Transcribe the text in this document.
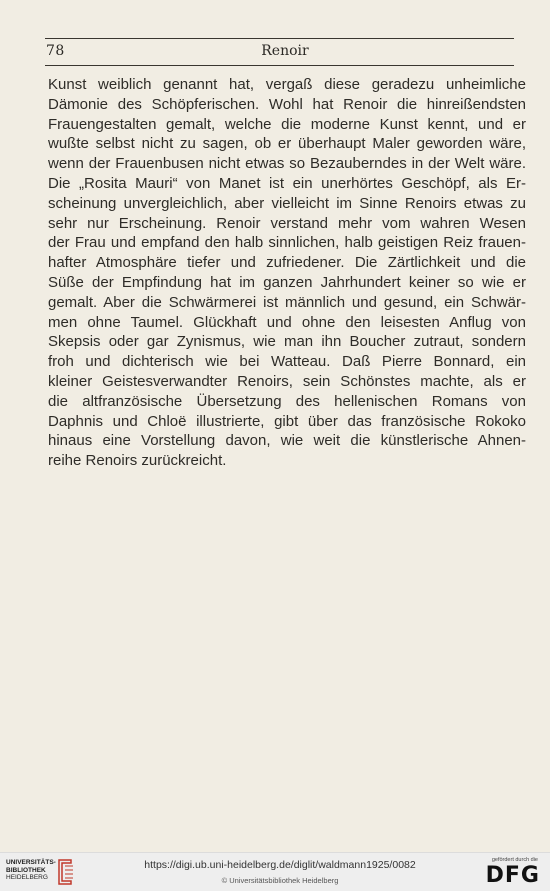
78	Renoir
Kunst weiblich genannt hat, vergaß diese geradezu unheimliche
Dämonie des Schöpferischen. Wohl hat Renoir die hinreißendsten
Frauengestalten gemalt, welche die moderne Kunst kennt, und er
wußte selbst nicht zu sagen, ob er überhaupt Maler geworden wäre,
wenn der Frauenbusen nicht etwas so Bezauberndes in der Welt wäre.
Die „Rosita Mauri“ von Manet ist ein unerhörtes Geschöpf, als Er-
scheinung unvergleichlich, aber vielleicht im Sinne Renoirs etwas zu
sehr nur Erscheinung. Renoir verstand mehr vom wahren Wesen
der Frau und empfand den halb sinnlichen, halb geistigen Reiz frauen-
hafter Atmosphäre tiefer und zufriedener. Die Zärtlichkeit und die
Süße der Empfindung hat im ganzen Jahrhundert keiner so wie er
gemalt. Aber die Schwärmerei ist männlich und gesund, ein Schwär-
men ohne Taumel. Glückhaft und ohne den leisesten Anflug von
Skepsis oder gar Zynismus, wie man ihn Boucher zutraut, sondern
froh und dichterisch wie bei Watteau. Daß Pierre Bonnard, ein
kleiner Geistesverwandter Renoirs, sein Schönstes machte, als er
die altfranzösische Übersetzung des hellenischen Romans von
Daphnis und Chloë illustrierte, gibt über das französische Rokoko
hinaus eine Vorstellung davon, wie weit die künstlerische Ahnen-
reihe Renoirs zurückreicht.
UNIVERSITÄTS-
BIBLIOTHEK
HEIDELBERG
https://digi.ub.uni-heidelberg.de/diglit/waldmann1925/0082
© Universitätsbibliothek Heidelberg
gefördert durch die
DFG
